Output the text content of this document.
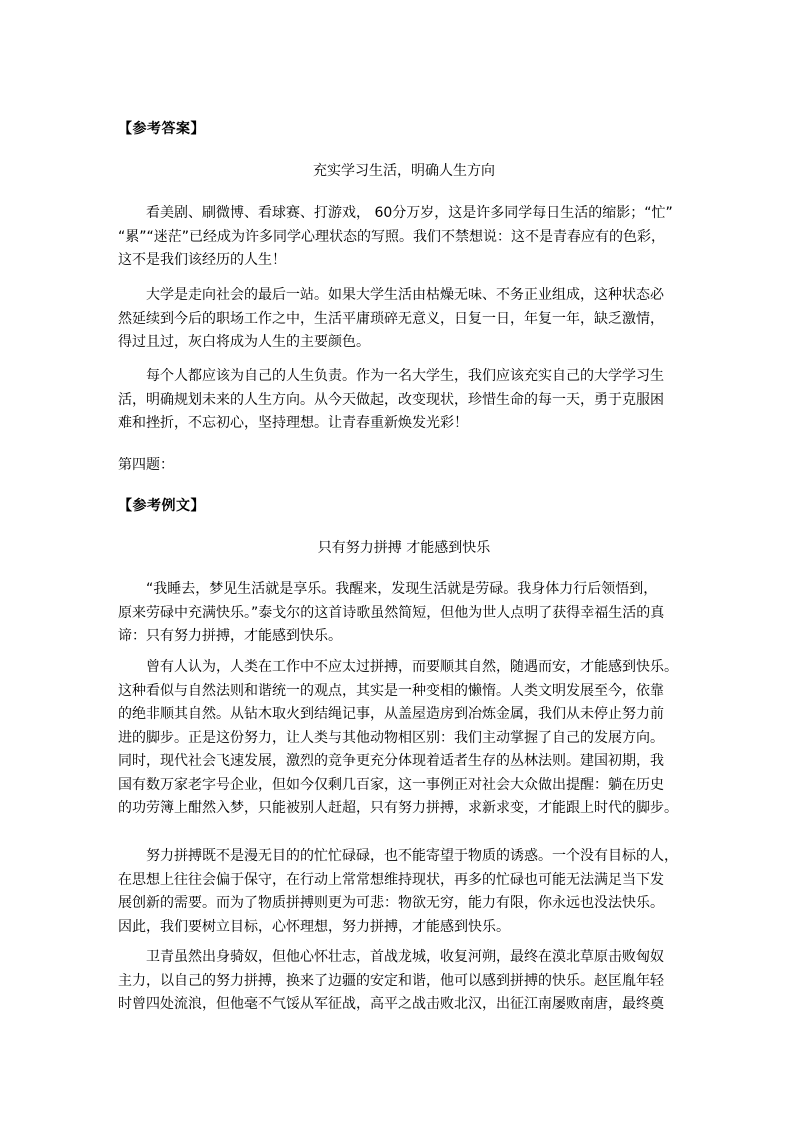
【参考答案】
充实学习生活，明确人生方向
看美剧、刷微博、看球赛、打游戏， 60分万岁，这是许多同学每日生活的缩影；“忙”
“累”“迷茫”已经成为许多同学心理状态的写照。我们不禁想说：这不是青春应有的色彩，
这不是我们该经历的人生！
大学是走向社会的最后一站。如果大学生活由枯燥无味、不务正业组成，这种状态必
然延续到今后的职场工作之中，生活平庸琐碎无意义，日复一日，年复一年，缺乏激情，
得过且过，灰白将成为人生的主要颜色。
每个人都应该为自己的人生负责。作为一名大学生，我们应该充实自己的大学学习生
活，明确规划未来的人生方向。从今天做起，改变现状，珍惜生命的每一天，勇于克服困
难和挫折，不忘初心，坚持理想。让青春重新焕发光彩！
第四题：
【参考例文】
只有努力拼搏 才能感到快乐
“我睡去，梦见生活就是享乐。我醒来，发现生活就是劳碌。我身体力行后领悟到，
原来劳碌中充满快乐。”泰戈尔的这首诗歌虽然简短，但他为世人点明了获得幸福生活的真
谛：只有努力拼搏，才能感到快乐。
曾有人认为，人类在工作中不应太过拼搏，而要顺其自然，随遇而安，才能感到快乐。
这种看似与自然法则和谐统一的观点，其实是一种变相的懒惰。人类文明发展至今，依靠
的绝非顺其自然。从钻木取火到结绳记事，从盖屋造房到冶炼金属，我们从未停止努力前
进的脚步。正是这份努力，让人类与其他动物相区别：我们主动掌握了自己的发展方向。
同时，现代社会飞速发展，激烈的竞争更充分体现着适者生存的丛林法则。建国初期，我
国有数万家老字号企业，但如今仅剩几百家，这一事例正对社会大众做出提醒：躺在历史
的功劳簿上酣然入梦，只能被别人赶超，只有努力拼搏，求新求变，才能跟上时代的脚步。
努力拼搏既不是漫无目的的忙忙碌碌，也不能寄望于物质的诱惑。一个没有目标的人，
在思想上往往会偏于保守，在行动上常常想维持现状，再多的忙碌也可能无法满足当下发
展创新的需要。而为了物质拼搏则更为可悲：物欲无穷，能力有限，你永远也没法快乐。
因此，我们要树立目标，心怀理想，努力拼搏，才能感到快乐。
卫青虽然出身骑奴，但他心怀壮志，首战龙城，收复河朔，最终在漠北草原击败匈奴
主力，以自己的努力拼搏，换来了边疆的安定和谐，他可以感到拼搏的快乐。赵匡胤年轻
时曾四处流浪，但他毫不气馁从军征战，高平之战击败北汉，出征江南屡败南唐，最终奠
